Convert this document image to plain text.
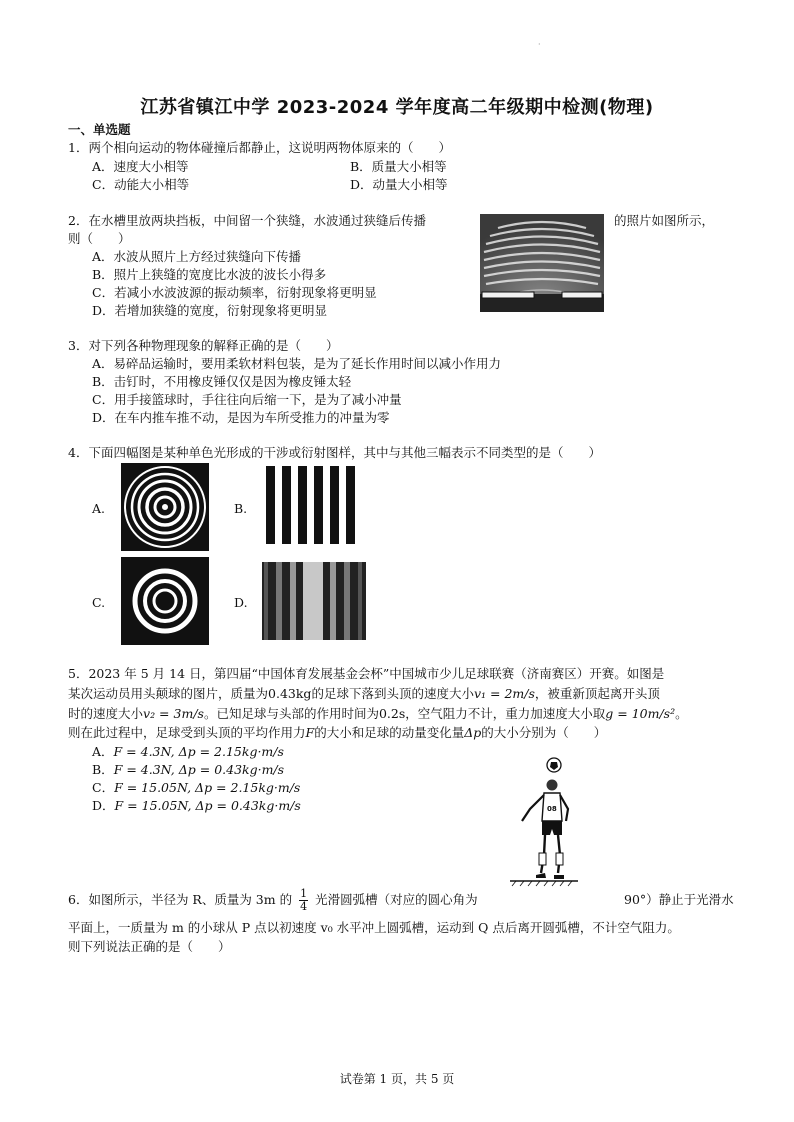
·
江苏省镇江中学 2023-2024 学年度高二年级期中检测(物理)
一、单选题
1．两个相向运动的物体碰撞后都静止，这说明两物体原来的（　　）
A．速度大小相等	B．质量大小相等
C．动能大小相等	D．动量大小相等
2．在水槽里放两块挡板，中间留一个狭缝，水波通过狭缝后传播	的照片如图所示，
则（　　）
A．水波从照片上方经过狭缝向下传播
B．照片上狭缝的宽度比水波的波长小得多
C．若减小水波波源的振动频率，衍射现象将更明显
D．若增加狭缝的宽度，衍射现象将更明显
3．对下列各种物理现象的解释正确的是（　　）
A．易碎品运输时，要用柔软材料包装，是为了延长作用时间以减小作用力
B．击钉时，不用橡皮锤仅仅是因为橡皮锤太轻
C．用手接篮球时，手往往向后缩一下，是为了减小冲量
D．在车内推车推不动，是因为车所受推力的冲量为零
4．下面四幅图是某种单色光形成的干涉或衍射图样，其中与其他三幅表示不同类型的是（　　）
A.	B.
C.	D.
5．2023 年 5 月 14 日，第四届“中国体育发展基金会杯”中国城市少儿足球联赛（济南赛区）开赛。如图是
某次运动员用头颠球的图片，质量为0.43kg的足球下落到头顶的速度大小v₁ = 2m/s，被重新顶起离开头顶
时的速度大小v₂ = 3m/s。已知足球与头部的作用时间为0.2s，空气阻力不计，重力加速度大小取g = 10m/s²。
则在此过程中，足球受到头顶的平均作用力F的大小和足球的动量变化量Δp的大小分别为（　　）
A．F = 4.3N, Δp = 2.15kg·m/s
B．F = 4.3N, Δp = 0.43kg·m/s
C．F = 15.05N, Δp = 2.15kg·m/s
D．F = 15.05N, Δp = 0.43kg·m/s	08
6．如图所示，半径为 R、质量为 3m 的 $\frac{1}{4}$ 光滑圆弧槽（对应的圆心角为	90°）静止于光滑水
平面上，一质量为 m 的小球从 P 点以初速度 v₀ 水平冲上圆弧槽，运动到 Q 点后离开圆弧槽，不计空气阻力。
则下列说法正确的是（　　）
试卷第 1 页，共 5 页
